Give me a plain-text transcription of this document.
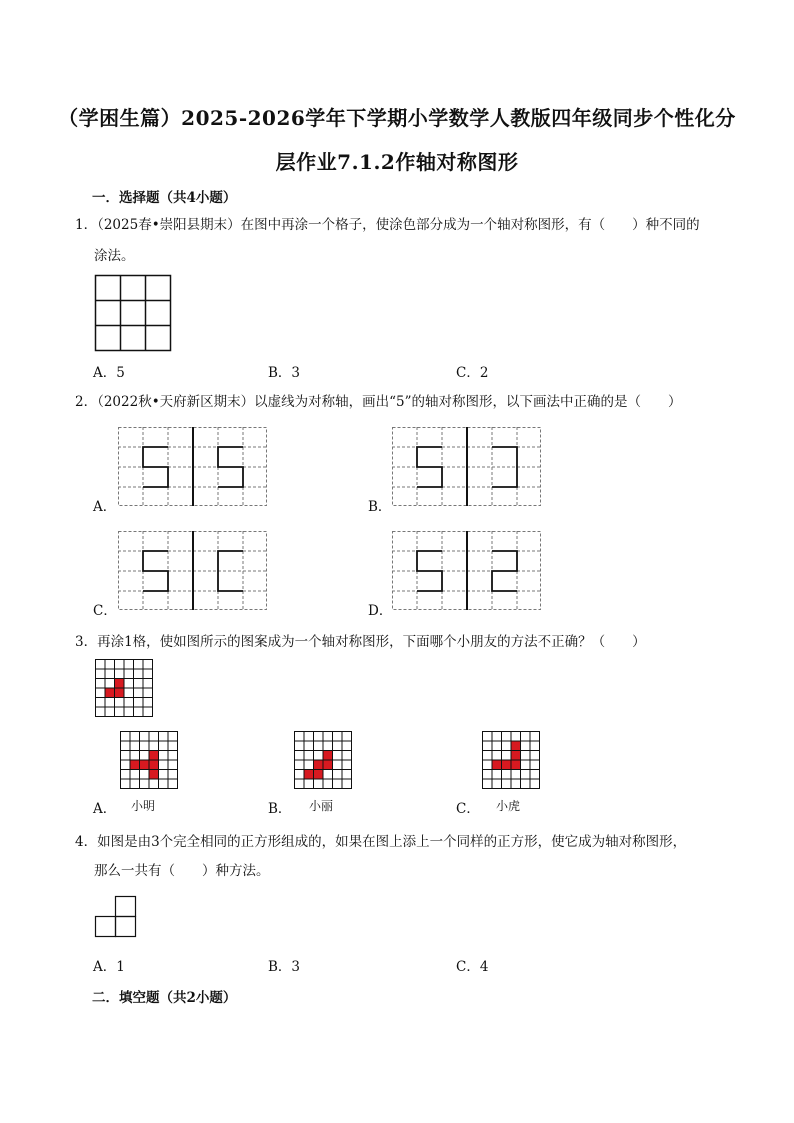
（学困生篇）2025-2026学年下学期小学数学人教版四年级同步个性化分
层作业7.1.2作轴对称图形
一．选择题（共4小题）
1．（2025春•崇阳县期末）在图中再涂一个格子，使涂色部分成为一个轴对称图形，有（　　）种不同的
涂法。
A．5	B．3	C．2
2．（2022秋•天府新区期末）以虚线为对称轴，画出“5”的轴对称图形，以下画法中正确的是（　　）
A．	B．
C．	D．
3．再涂1格，使如图所示的图案成为一个轴对称图形，下面哪个小朋友的方法不正确？（　　）
A． 小明	B． 小丽	C． 小虎
4．如图是由3个完全相同的正方形组成的，如果在图上添上一个同样的正方形，使它成为轴对称图形，
那么一共有（　　）种方法。
A．1	B．3	C．4
二．填空题（共2小题）
